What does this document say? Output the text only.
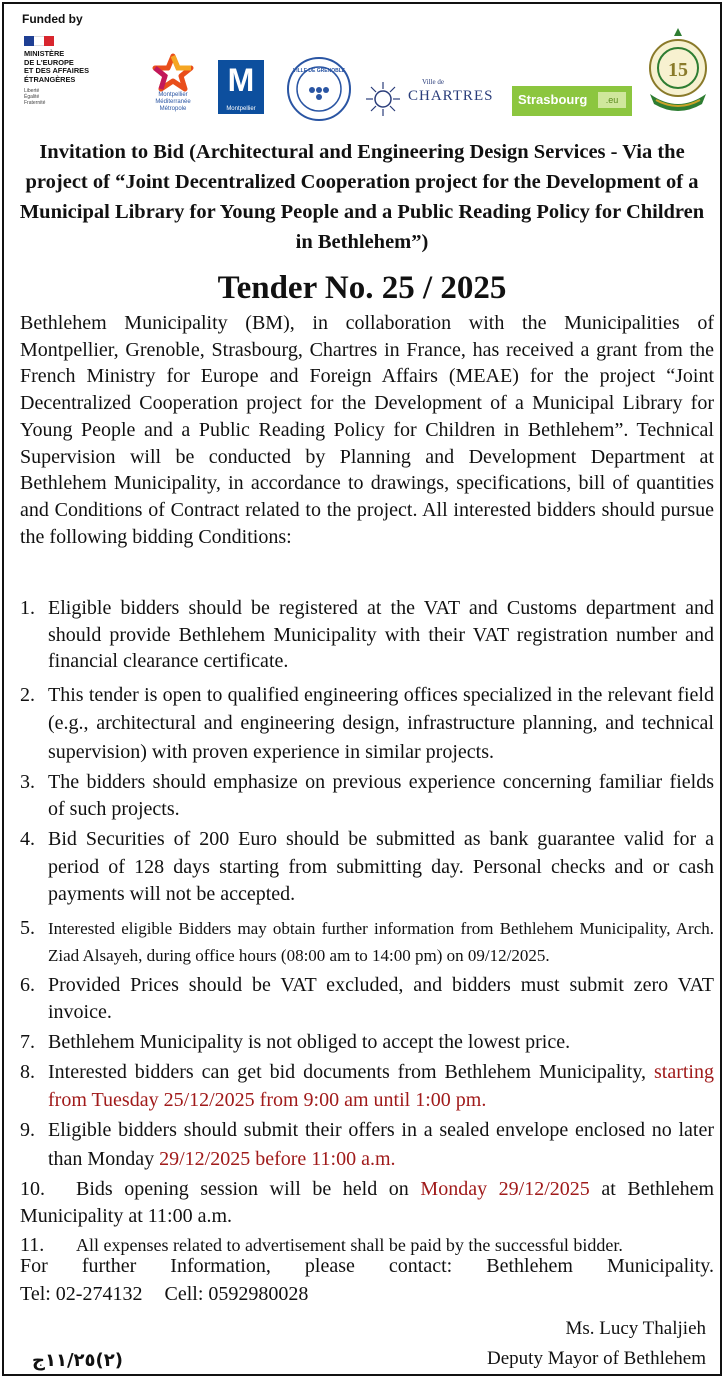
Funded by
MINISTÈRE
DE L'EUROPE
ET DES AFFAIRES
ÉTRANGÈRES
Liberté
Égalité
Fraternité
Montpellier
Méditerranée
Métropole
M
Montpellier
VILLE DE GRENOBLE
Ville de
CHARTRES Strasbourg	.eu
15
Invitation to Bid (Architectural and Engineering Design Services - Via the project of “Joint Decentralized Cooperation project for the Development of a Municipal Library for Young People and a Public Reading Policy for Children in Bethlehem”)
Tender No. 25 / 2025
Bethlehem Municipality (BM), in collaboration with the Municipalities of Montpellier, Grenoble, Strasbourg, Chartres in France, has received a grant from the French Ministry for Europe and Foreign Affairs (MEAE) for the project “Joint Decentralized Cooperation project for the Development of a Municipal Library for Young People and a Public Reading Policy for Children in Bethlehem”. Technical Supervision will be conducted by Planning and Development Department at Bethlehem Municipality, in accordance to drawings, specifications, bill of quantities and Conditions of Contract related to the project. All interested bidders should pursue the following bidding Conditions:
1. Eligible bidders should be registered at the VAT and Customs department and should provide Bethlehem Municipality with their VAT registration number and financial clearance certificate.
2. This tender is open to qualified engineering offices specialized in the relevant field (e.g., architectural and engineering design, infrastructure planning, and technical supervision) with proven experience in similar projects.
3. The bidders should emphasize on previous experience concerning familiar fields of such projects.
4. Bid Securities of 200 Euro should be submitted as bank guarantee valid for a period of 128 days starting from submitting day. Personal checks and or cash payments will not be accepted.
5. Interested eligible Bidders may obtain further information from Bethlehem Municipality, Arch. Ziad Alsayeh, during office hours (08:00 am to 14:00 pm) on 09/12/2025.
6. Provided Prices should be VAT excluded, and bidders must submit zero VAT invoice.
7. Bethlehem Municipality is not obliged to accept the lowest price.
8. Interested bidders can get bid documents from Bethlehem Municipality, starting from Tuesday 25/12/2025 from 9:00 am until 1:00 pm.
9. Eligible bidders should submit their offers in a sealed envelope enclosed no later than Monday 29/12/2025 before 11:00 a.m.
10. Bids opening session will be held on Monday 29/12/2025 at Bethlehem Municipality at 11:00 a.m.
11. All expenses related to advertisement shall be paid by the successful bidder.
For further Information, please contact: Bethlehem Municipality.
Tel: 02-274132 Cell: 0592980028
Ms. Lucy Thaljieh
Deputy Mayor of Bethlehem
(٢)١١/٢٥ج
